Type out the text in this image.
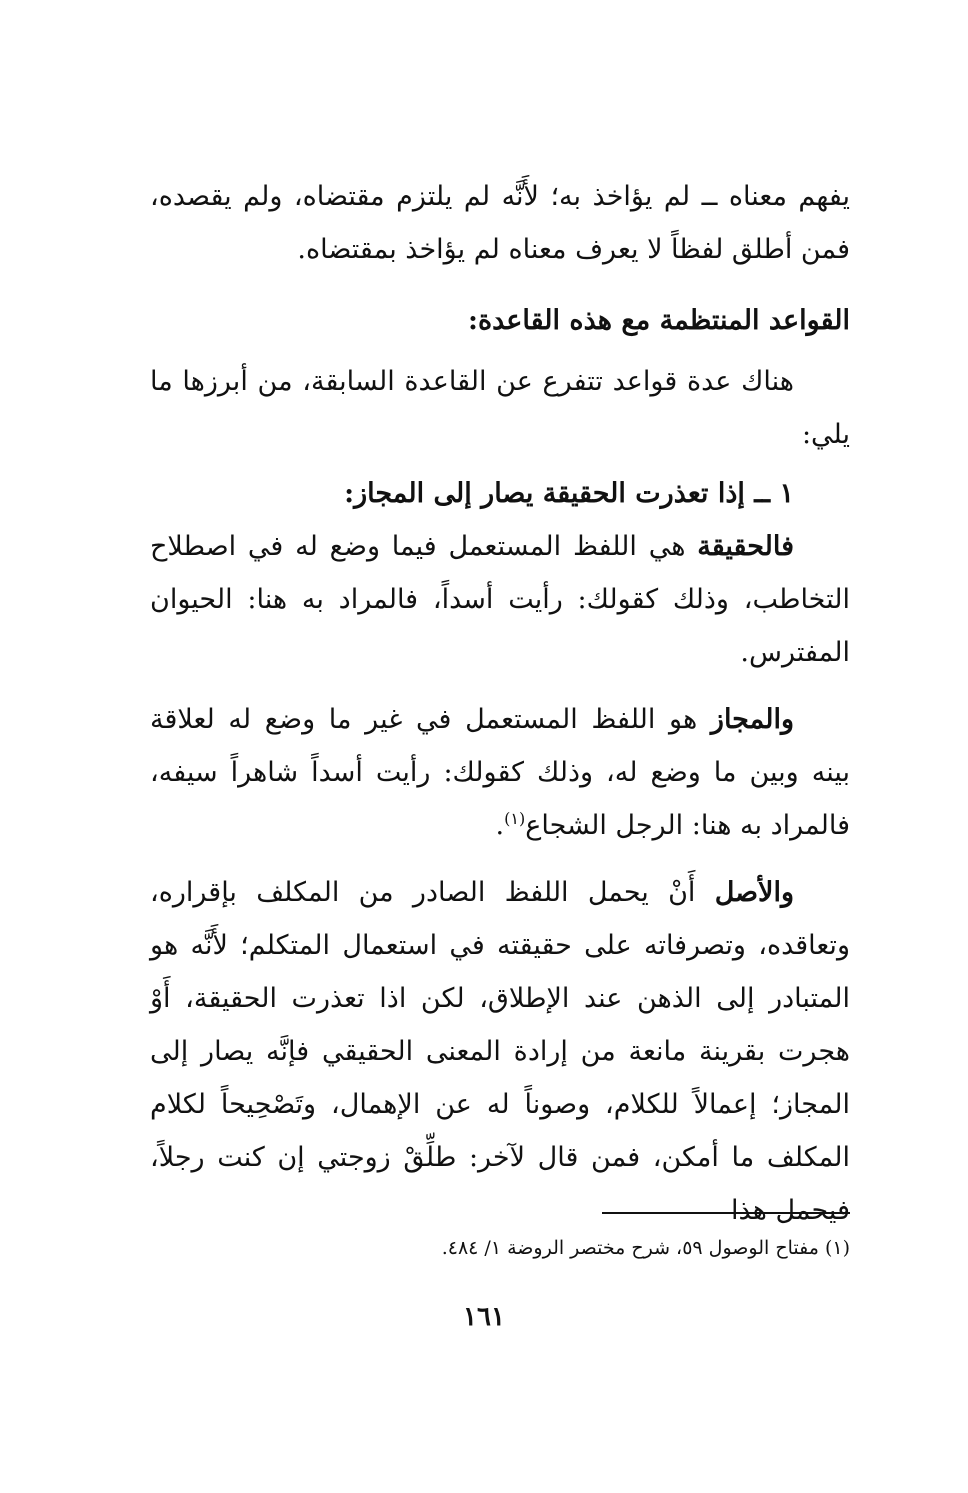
يفهم معناه ــ لم يؤاخذ به؛ لأَنَّه لم يلتزم مقتضاه، ولم يقصده، فمن أطلق لفظاً لا يعرف معناه لم يؤاخذ بمقتضاه.

القواعد المنتظمة مع هذه القاعدة:

هناك عدة قواعد تتفرع عن القاعدة السابقة، من أبرزها ما يلي:

١ ــ إذا تعذرت الحقيقة يصار إلى المجاز:

فالحقيقة هي اللفظ المستعمل فيما وضع له في اصطلاح التخاطب، وذلك كقولك: رأيت أسداً، فالمراد به هنا: الحيوان المفترس.

والمجاز هو اللفظ المستعمل في غير ما وضع له لعلاقة بينه وبين ما وضع له، وذلك كقولك: رأيت أسداً شاهراً سيفه، فالمراد به هنا: الرجل الشجاع$^{(١)}$.

والأصل أَنْ يحمل اللفظ الصادر من المكلف بإقراره، وتعاقده، وتصرفاته على حقيقته في استعمال المتكلم؛ لأَنَّه هو المتبادر إلى الذهن عند الإطلاق، لكن اذا تعذرت الحقيقة، أَوْ هجرت بقرينة مانعة من إرادة المعنى الحقيقي فإنَّه يصار إلى المجاز؛ إعمالاً للكلام، وصوناً له عن الإهمال، وتَصْحِيحاً لكلام المكلف ما أمكن، فمن قال لآخر: طلِّقْ زوجتي إن كنت رجلاً، فيحمل هذا

(١) مفتاح الوصول ٥٩، شرح مختصر الروضة ١/ ٤٨٤.
١٦١
